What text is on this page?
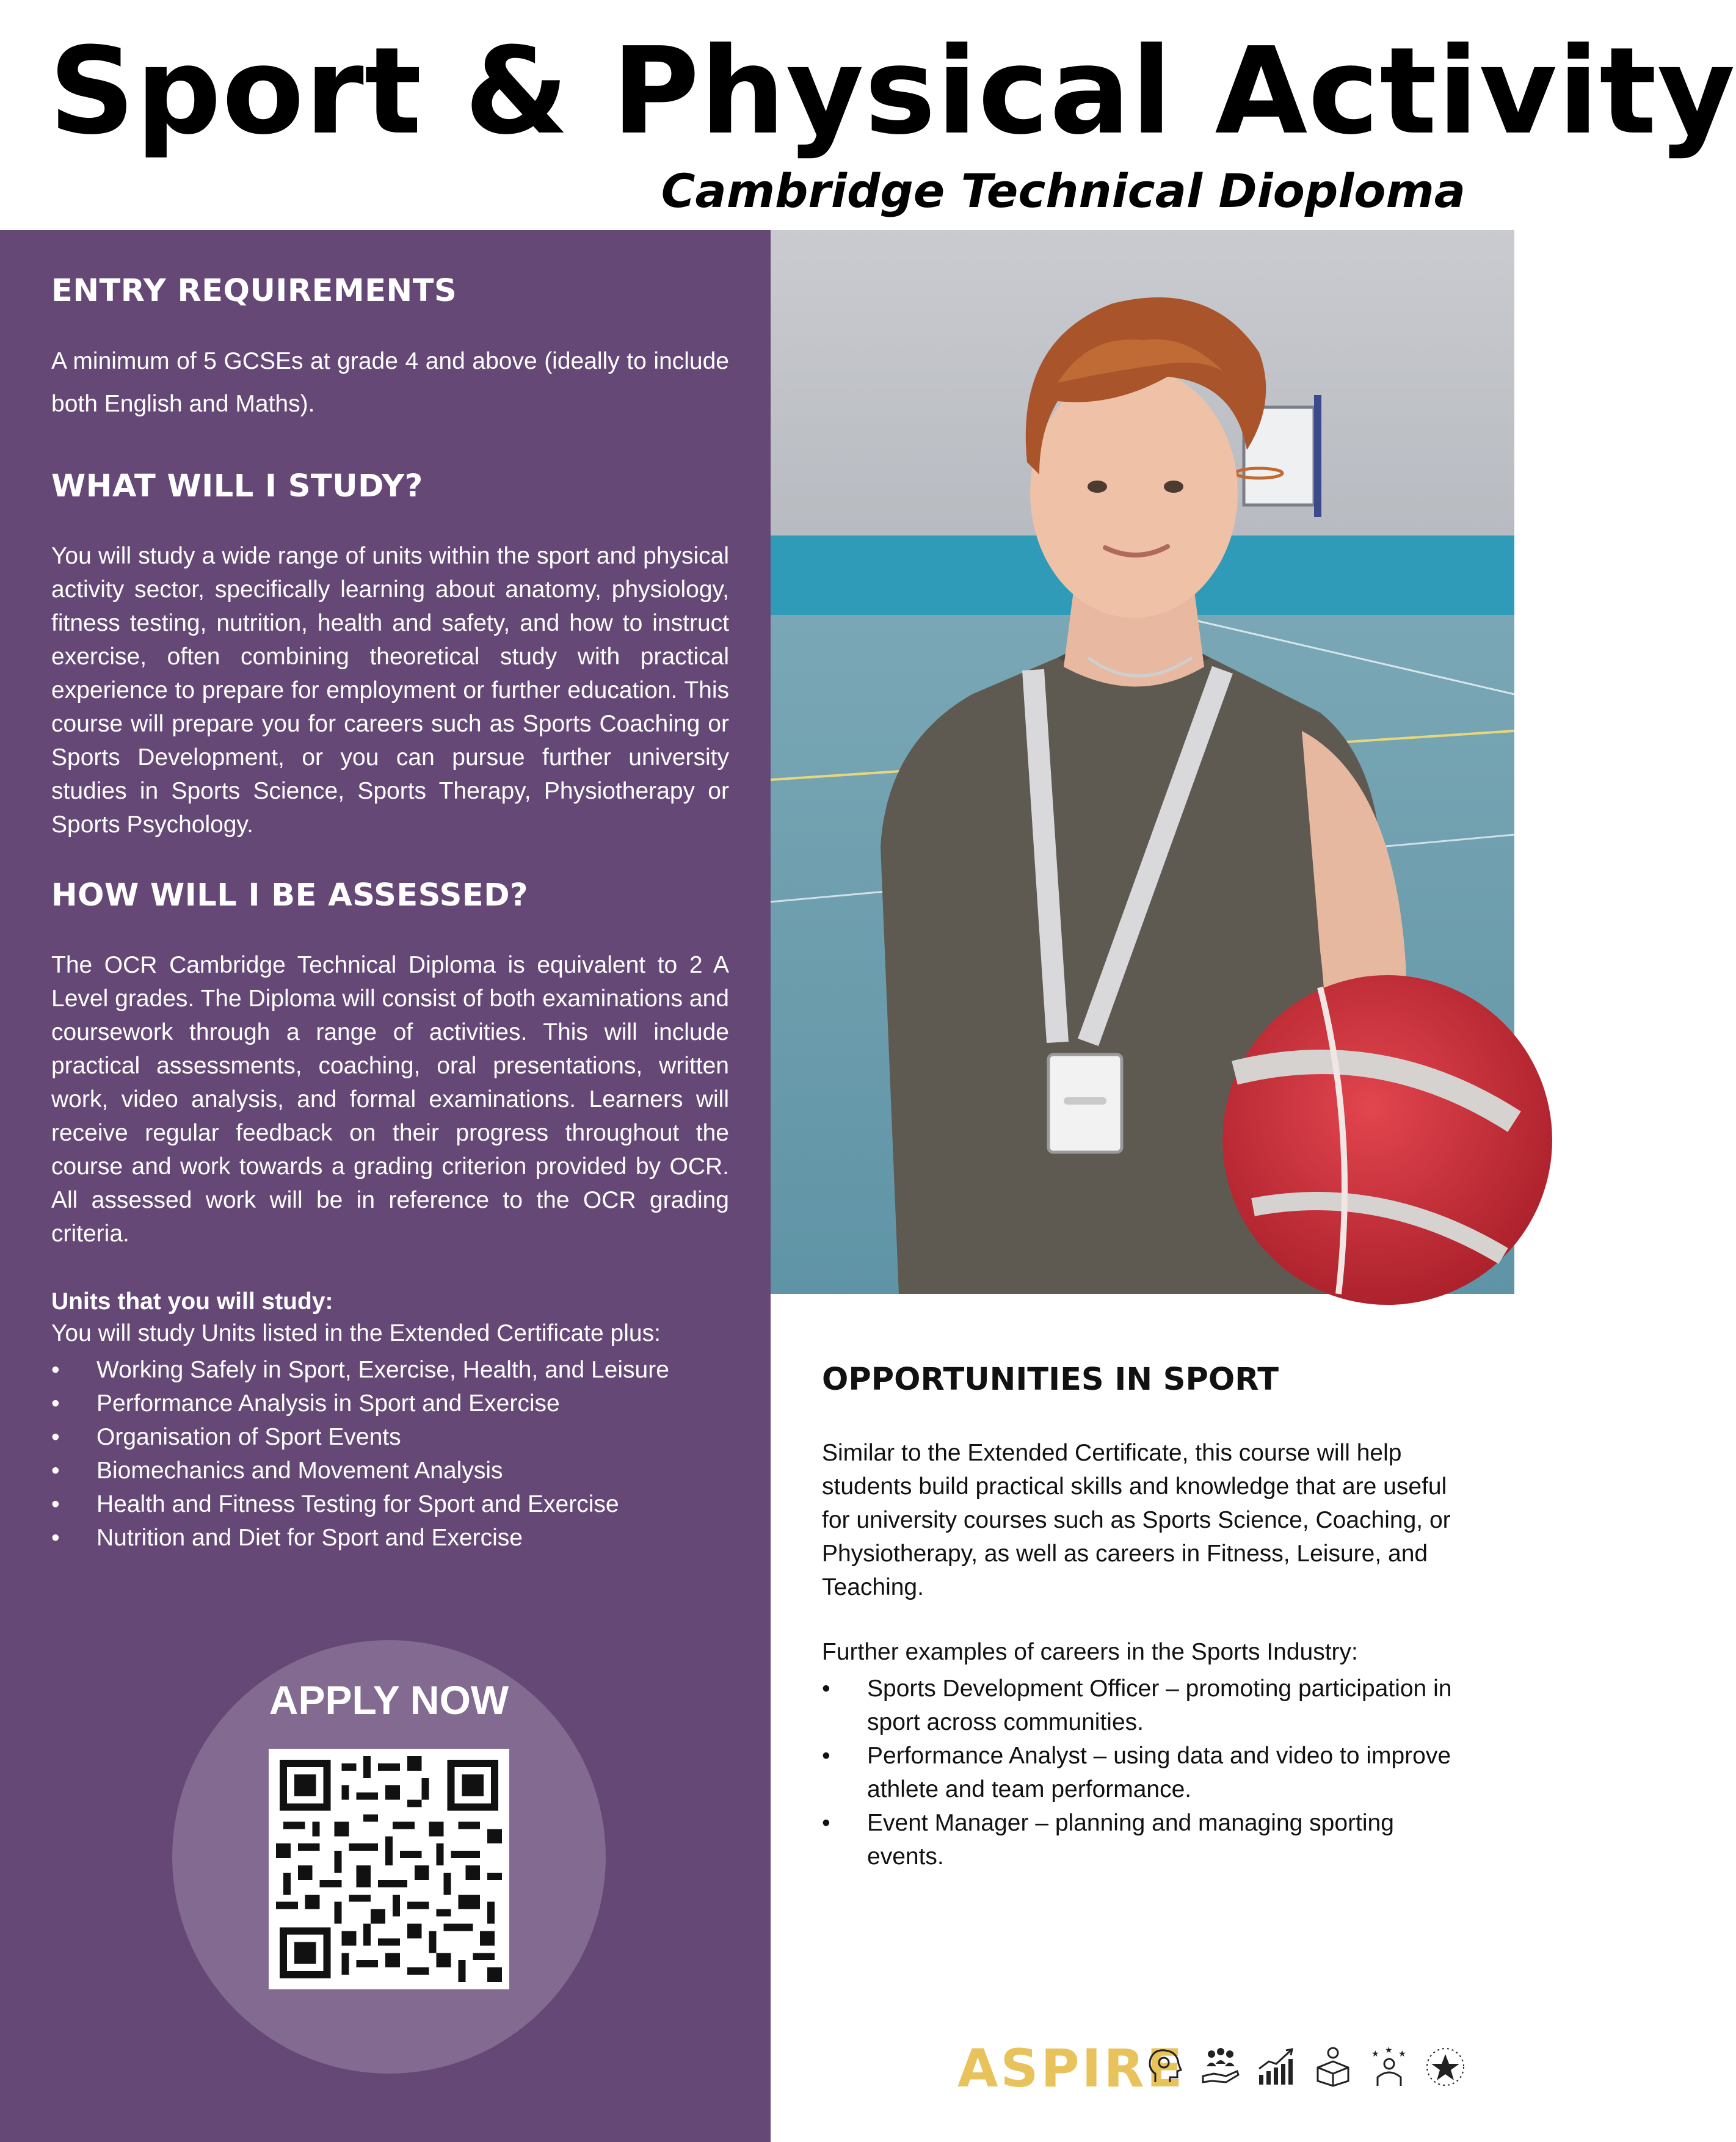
Sport & Physical Activity
Cambridge Technical Dioploma
ENTRY REQUIREMENTS

A minimum of 5 GCSEs at grade 4 and above (ideally to include both English and Maths).

WHAT WILL I STUDY?

You will study a wide range of units within the sport and physical activity sector, specifically learning about anatomy, physiology, fitness testing, nutrition, health and safety, and how to instruct exercise, often combining theoretical study with practical experience to prepare for employment or further education. This course will prepare you for careers such as Sports Coaching or Sports Development, or you can pursue further university studies in Sports Science, Sports Therapy, Physiotherapy or Sports Psychology.

HOW WILL I BE ASSESSED?

The OCR Cambridge Technical Diploma is equivalent to 2 A Level grades. The Diploma will consist of both examinations and coursework through a range of activities. This will include practical assessments, coaching, oral presentations, written work, video analysis, and formal examinations. Learners will receive regular feedback on their progress throughout the course and work towards a grading criterion provided by OCR. All assessed work will be in reference to the OCR grading criteria.

Units that you will study:
You will study Units listed in the Extended Certificate plus:
• Working Safely in Sport, Exercise, Health, and Leisure
• Performance Analysis in Sport and Exercise
• Organisation of Sport Events
• Biomechanics and Movement Analysis
• Health and Fitness Testing for Sport and Exercise
• Nutrition and Diet for Sport and Exercise
APPLY NOW
OPPORTUNITIES IN SPORT

Similar to the Extended Certificate, this course will help students build practical skills and knowledge that are useful for university courses such as Sports Science, Coaching, or Physiotherapy, as well as careers in Fitness, Leisure, and Teaching.

Further examples of careers in the Sports Industry:
• Sports Development Officer – promoting participation in sport across communities.
• Performance Analyst – using data and video to improve athlete and team performance.
• Event Manager – planning and managing sporting events.
ASPIRE	★ ★ ★
